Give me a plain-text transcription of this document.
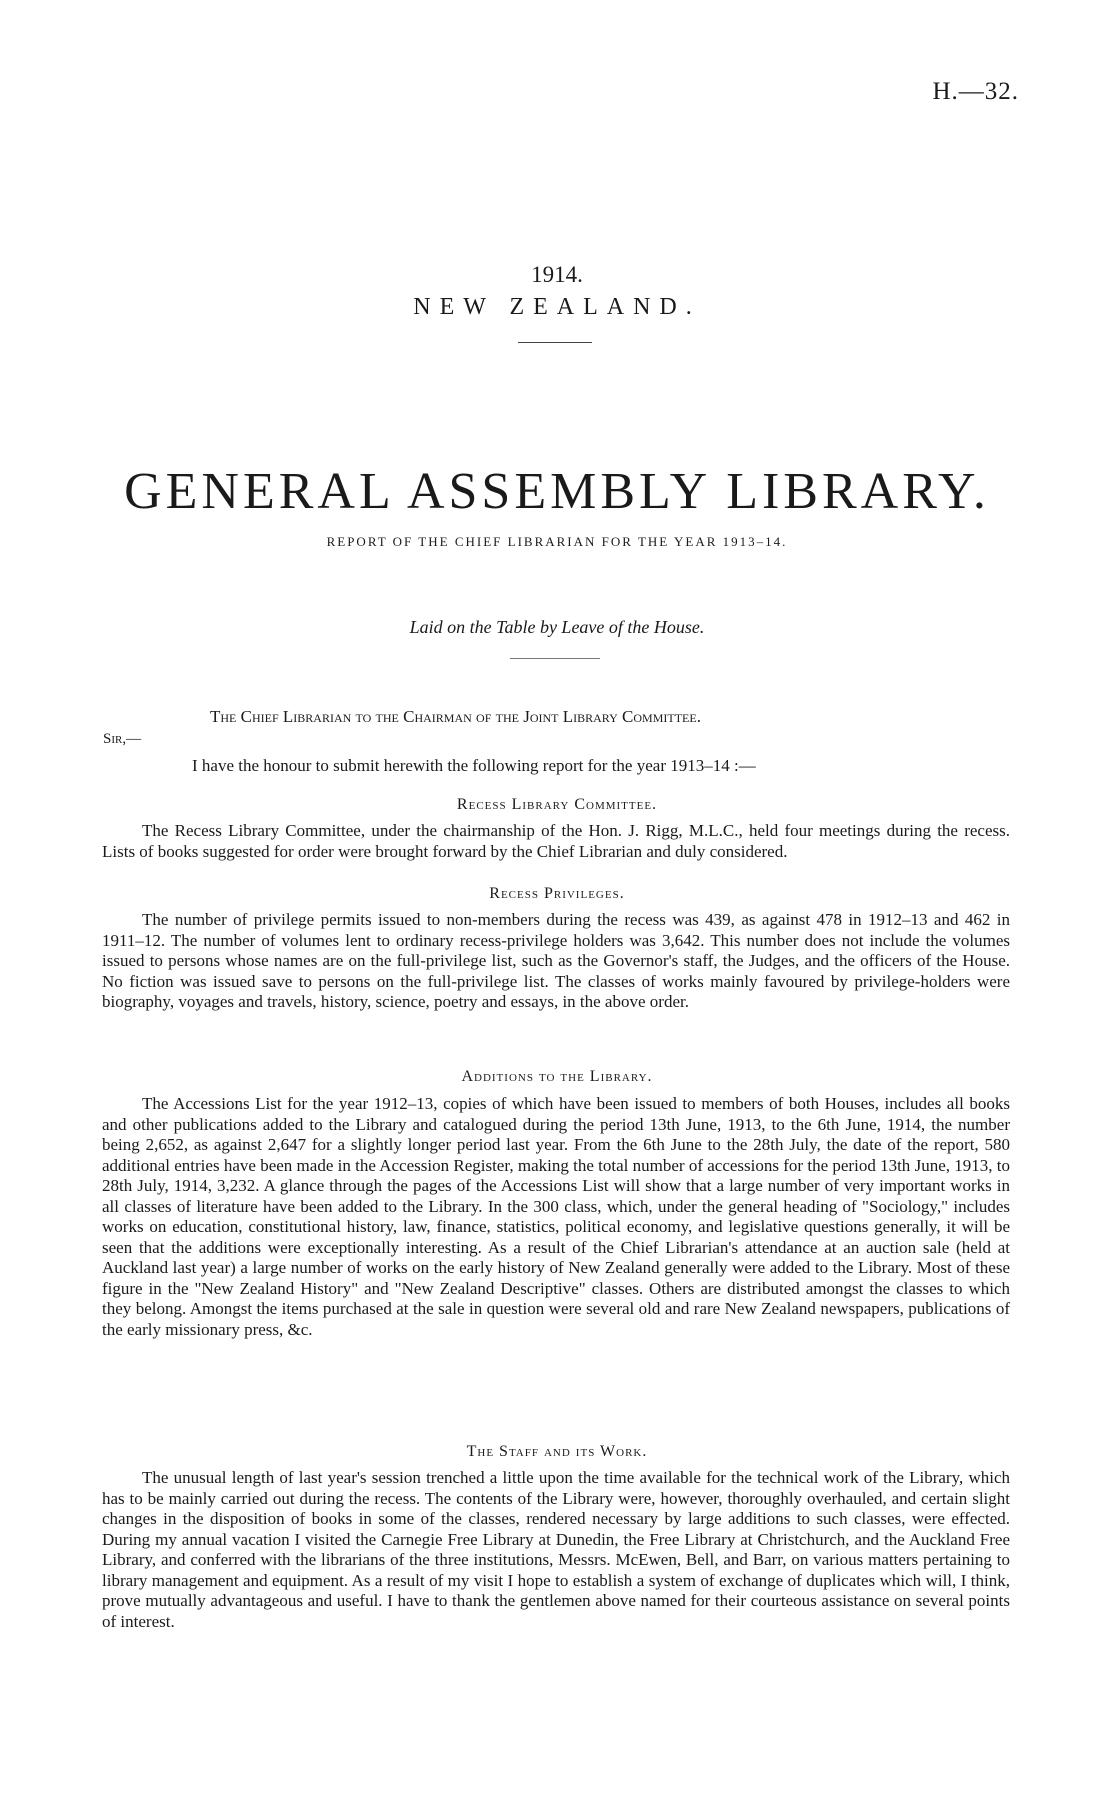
H.—32.
1914.
NEW ZEALAND.
GENERAL ASSEMBLY LIBRARY.
REPORT OF THE CHIEF LIBRARIAN FOR THE YEAR 1913–14.
Laid on the Table by Leave of the House.
The Chief Librarian to the Chairman of the Joint Library Committee.
Sir,—
I have the honour to submit herewith the following report for the year 1913–14 :—
Recess Library Committee.

The Recess Library Committee, under the chairmanship of the Hon. J. Rigg, M.L.C., held four meetings during the recess. Lists of books suggested for order were brought forward by the Chief Librarian and duly considered.

Recess Privileges.

The number of privilege permits issued to non-members during the recess was 439, as against 478 in 1912–13 and 462 in 1911–12. The number of volumes lent to ordinary recess-privilege holders was 3,642. This number does not include the volumes issued to persons whose names are on the full-privilege list, such as the Governor's staff, the Judges, and the officers of the House. No fiction was issued save to persons on the full-privilege list. The classes of works mainly favoured by privilege-holders were biography, voyages and travels, history, science, poetry and essays, in the above order.

Additions to the Library.

The Accessions List for the year 1912–13, copies of which have been issued to members of both Houses, includes all books and other publications added to the Library and catalogued during the period 13th June, 1913, to the 6th June, 1914, the number being 2,652, as against 2,647 for a slightly longer period last year. From the 6th June to the 28th July, the date of the report, 580 additional entries have been made in the Accession Register, making the total number of accessions for the period 13th June, 1913, to 28th July, 1914, 3,232. A glance through the pages of the Accessions List will show that a large number of very important works in all classes of literature have been added to the Library. In the 300 class, which, under the general heading of "Sociology," includes works on education, constitutional history, law, finance, statistics, political economy, and legislative questions generally, it will be seen that the additions were exceptionally interesting. As a result of the Chief Librarian's attendance at an auction sale (held at Auckland last year) a large number of works on the early history of New Zealand generally were added to the Library. Most of these figure in the "New Zealand History" and "New Zealand Descriptive" classes. Others are distributed amongst the classes to which they belong. Amongst the items purchased at the sale in question were several old and rare New Zealand newspapers, publications of the early missionary press, &c.

The Staff and its Work.

The unusual length of last year's session trenched a little upon the time available for the technical work of the Library, which has to be mainly carried out during the recess. The contents of the Library were, however, thoroughly overhauled, and certain slight changes in the disposition of books in some of the classes, rendered necessary by large additions to such classes, were effected. During my annual vacation I visited the Carnegie Free Library at Dunedin, the Free Library at Christchurch, and the Auckland Free Library, and conferred with the librarians of the three institutions, Messrs. McEwen, Bell, and Barr, on various matters pertaining to library management and equipment. As a result of my visit I hope to establish a system of exchange of duplicates which will, I think, prove mutually advantageous and useful. I have to thank the gentlemen above named for their courteous assistance on several points of interest.
